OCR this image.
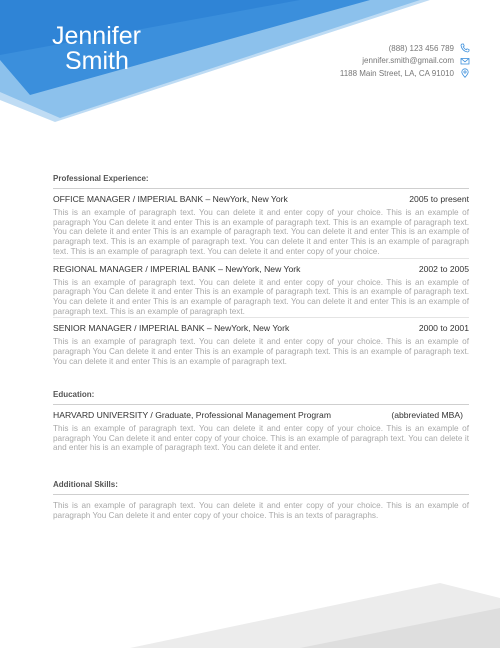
Jennifer
Smith	(888) 123 456 789
jennifer.smith@gmail.com
1188 Main Street, LA, CA 91010
Professional Experience:
OFFICE MANAGER / IMPERIAL BANK – NewYork, New York	2005 to present
This is an example of paragraph text. You can delete it and enter copy of your choice. This is an example of paragraph You Can delete it and enter This is an example of paragraph text. This is an example of paragraph text. You can delete it and enter This is an example of paragraph text. You can delete it and enter This is an example of paragraph text. This is an example of paragraph text. You can delete it and enter This is an example of paragraph text. This is an example of paragraph text. You can delete it and enter copy of your choice.
REGIONAL MANAGER / IMPERIAL BANK – NewYork, New York	2002 to 2005
This is an example of paragraph text. You can delete it and enter copy of your choice. This is an example of paragraph You Can delete it and enter This is an example of paragraph text. This is an example of paragraph text. You can delete it and enter This is an example of paragraph text. You can delete it and enter This is an example of paragraph text. This is an example of paragraph text.
SENIOR MANAGER / IMPERIAL BANK – NewYork, New York	2000 to 2001
This is an example of paragraph text. You can delete it and enter copy of your choice. This is an example of paragraph You Can delete it and enter This is an example of paragraph text. This is an example of paragraph text. You can delete it and enter This is an example of paragraph text.
Education:
HARVARD UNIVERSITY / Graduate, Professional Management Program	(abbreviated MBA)
This is an example of paragraph text. You can delete it and enter copy of your choice. This is an example of paragraph You Can delete it and enter copy of your choice. This is an example of paragraph text. You can delete it and enter his is an example of paragraph text. You can delete it and enter.
Additional Skills:
This is an example of paragraph text. You can delete it and enter copy of your choice. This is an example of paragraph You Can delete it and enter copy of your choice. This is an texts of paragraphs.
